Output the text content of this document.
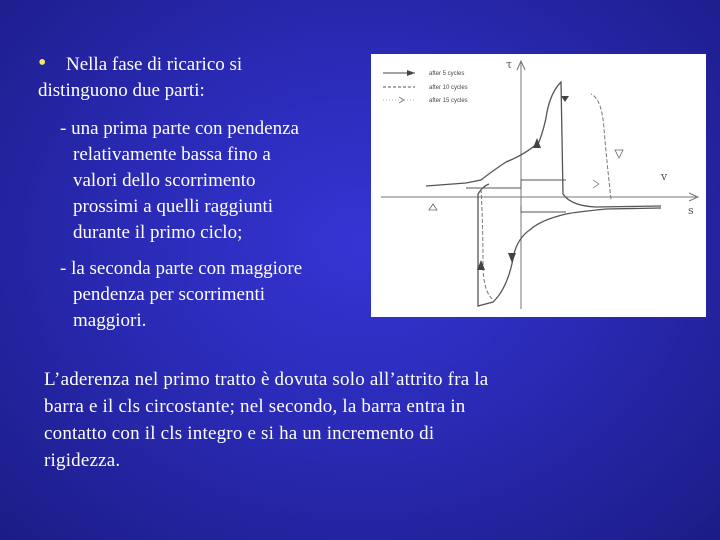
• Nella fase di ricarico si
distinguono due parti:
- una prima parte con pendenza
relativamente bassa fino a
valori dello scorrimento
prossimi a quelli raggiunti
durante il primo ciclo;
- la seconda parte con maggiore
pendenza per scorrimenti
maggiori.
L’aderenza nel primo tratto è dovuta solo all’attrito fra la
barra e il cls circostante; nel secondo, la barra entra in
contatto con il cls integro e si ha un incremento di
rigidezza.
τ
s
v
after 5 cycles
after 10 cycles
after 15 cycles
